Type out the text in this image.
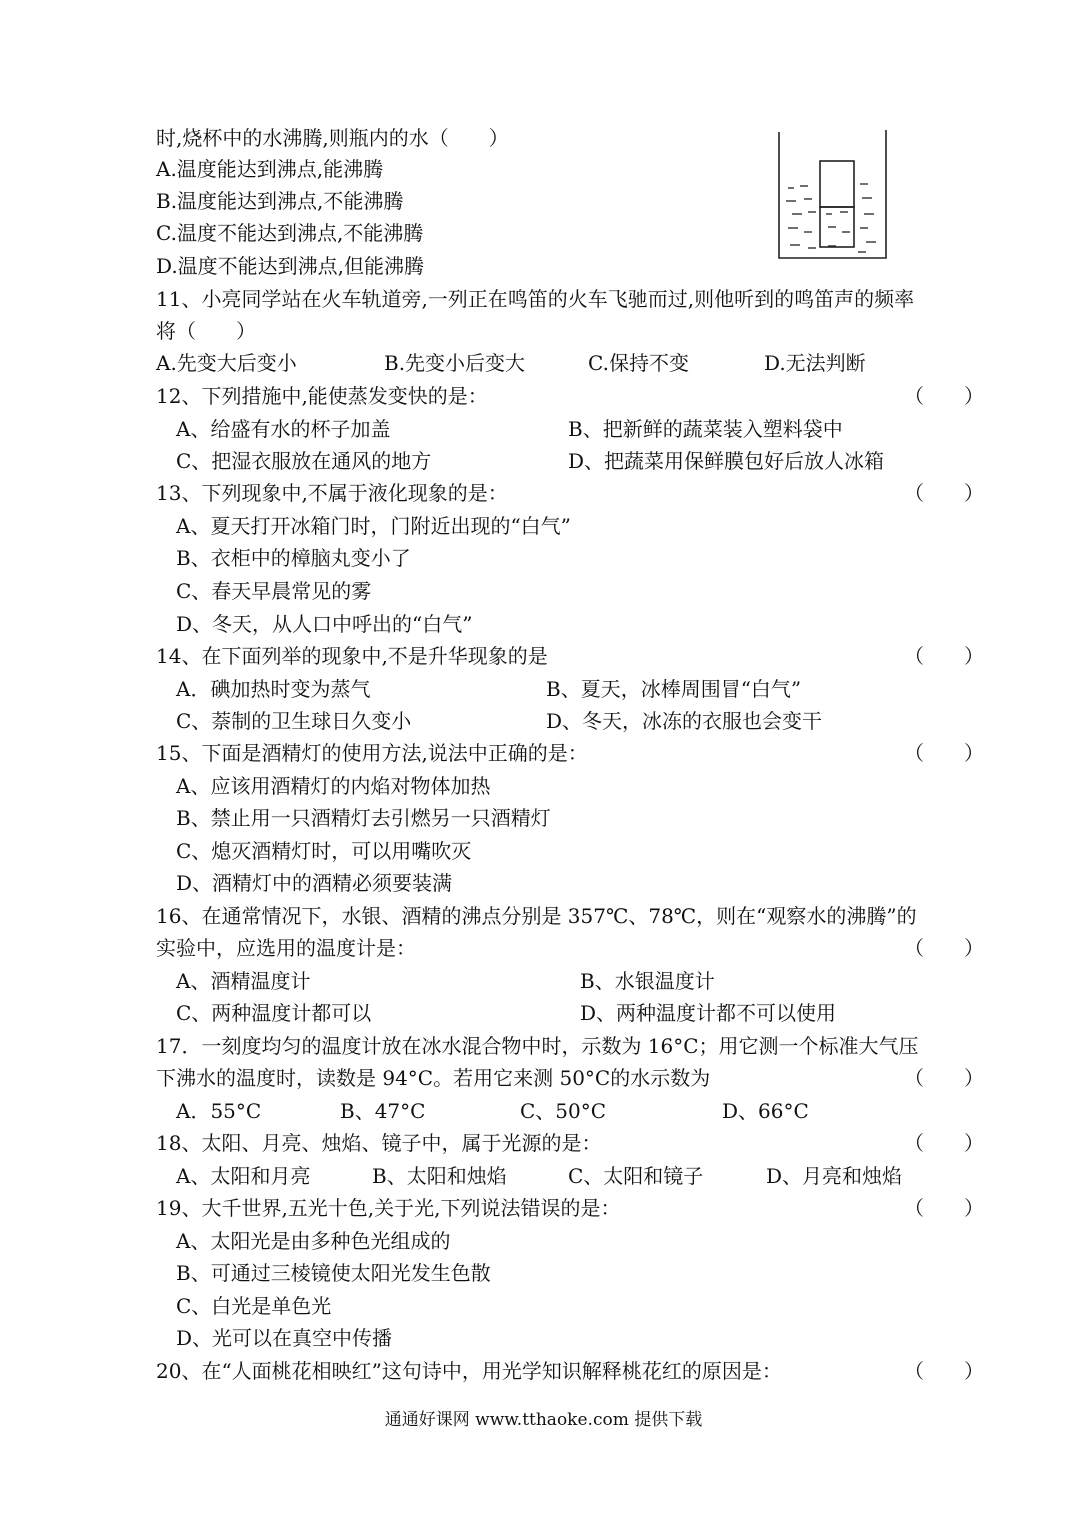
时,烧杯中的水沸腾,则瓶内的水（　　）
A.温度能达到沸点,能沸腾
B.温度能达到沸点,不能沸腾
C.温度不能达到沸点,不能沸腾
D.温度不能达到沸点,但能沸腾
11、小亮同学站在火车轨道旁,一列正在鸣笛的火车飞驰而过,则他听到的鸣笛声的频率
将（　　）
A.先变大后变小	B.先变小后变大	C.保持不变	D.无法判断
12、下列措施中,能使蒸发变快的是：	（　　）
A、给盛有水的杯子加盖	B、把新鲜的蔬菜装入塑料袋中
C、把湿衣服放在通风的地方	D、把蔬菜用保鲜膜包好后放人冰箱
13、下列现象中,不属于液化现象的是：	（　　）
A、夏天打开冰箱门时，门附近出现的“白气”
B、衣柜中的樟脑丸变小了
C、春天早晨常见的雾
D、冬天，从人口中呼出的“白气”
14、在下面列举的现象中,不是升华现象的是	（　　）
A．碘加热时变为蒸气	B、夏天，冰棒周围冒“白气”
C、萘制的卫生球日久变小	D、冬天，冰冻的衣服也会变干
15、下面是酒精灯的使用方法,说法中正确的是：	（　　）
A、应该用酒精灯的内焰对物体加热
B、禁止用一只酒精灯去引燃另一只酒精灯
C、熄灭酒精灯时，可以用嘴吹灭
D、酒精灯中的酒精必须要装满
16、在通常情况下，水银、酒精的沸点分别是 357℃、78℃，则在“观察水的沸腾”的
实验中，应选用的温度计是：	（　　）
A、酒精温度计	B、水银温度计
C、两种温度计都可以	D、两种温度计都不可以使用
17．一刻度均匀的温度计放在冰水混合物中时，示数为 16°C；用它测一个标准大气压
下沸水的温度时，读数是 94°C。若用它来测 50°C的水示数为	（　　）
A．55°C	B、47°C	C、50°C	D、66°C
18、太阳、月亮、烛焰、镜子中，属于光源的是：	（　　）
A、太阳和月亮	B、太阳和烛焰	C、太阳和镜子	D、月亮和烛焰
19、大千世界,五光十色,关于光,下列说法错误的是：	（　　）
A、太阳光是由多种色光组成的
B、可通过三棱镜使太阳光发生色散
C、白光是单色光
D、光可以在真空中传播
20、在“人面桃花相映红”这句诗中，用光学知识解释桃花红的原因是：	（　　）
通通好课网 www.tthaoke.com 提供下载
